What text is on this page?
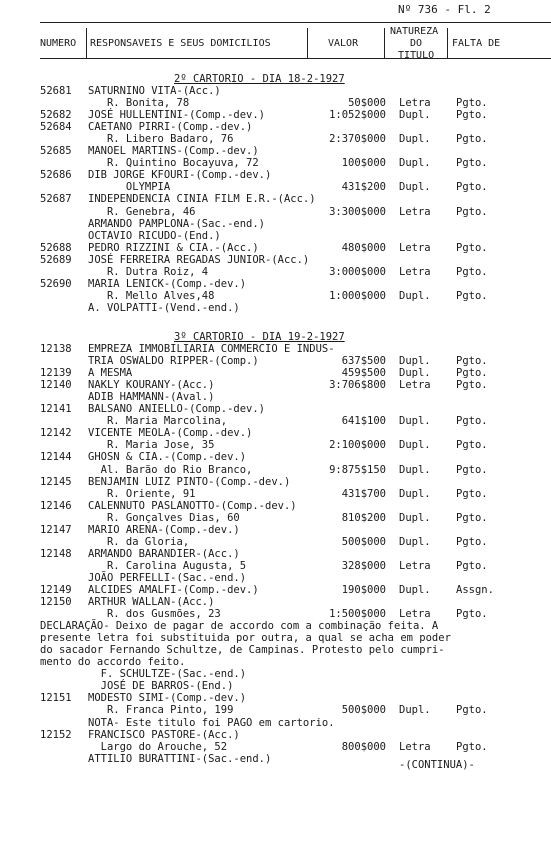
Nº 736 - Fl. 2
NUMERO RESPONSAVEIS E SEUS DOMICILIOS	VALOR
NATUREZA
DO
TITULO
FALTA DE
2º CARTORIO - DIA 18-2-1927
52681 SATURNINO VITA-(Acc.)
R. Bonita, 78	50$000 Letra Pgto.
52682 JOSÉ HULLENTINI-(Comp.-dev.)	1:052$000 Dupl. Pgto.
52684 CAETANO PIRRI-(Comp.-dev.)
R. Libero Badaro, 76	2:370$000 Dupl. Pgto.
52685 MANOEL MARTINS-(Comp.-dev.)
R. Quintino Bocayuva, 72	100$000 Dupl. Pgto.
52686 DIB JORGE KFOURI-(Comp.-dev.)
OLYMPIA	431$200 Dupl. Pgto.
52687 INDEPENDENCIA CINIA FILM E.R.-(Acc.)
R. Genebra, 46	3:300$000 Letra Pgto.
ARMANDO PAMPLONA-(Sac.-end.)
OCTAVIO RICUDO-(End.)
52688 PEDRO RIZZINI & CIA.-(Acc.)	480$000 Letra Pgto.
52689 JOSÉ FERREIRA REGADAS JUNIOR-(Acc.)
R. Dutra Roiz, 4	3:000$000 Letra Pgto.
52690 MARIA LENICK-(Comp.-dev.)
R. Mello Alves,48	1:000$000 Dupl. Pgto.
A. VOLPATTI-(Vend.-end.)
3º CARTORIO - DIA 19-2-1927
12138 EMPREZA IMMOBILIARIA COMMERCIO E INDUS-
TRIA OSWALDO RIPPER-(Comp.)	637$500 Dupl. Pgto.
12139 A MESMA	459$500 Dupl. Pgto.
12140 NAKLY KOURANY-(Acc.)	3:706$800 Letra Pgto.
ADIB HAMMANN-(Aval.)
12141 BALSANO ANIELLO-(Comp.-dev.)
R. Maria Marcolina,	641$100 Dupl. Pgto.
12142 VICENTE MEOLA-(Comp.-dev.)
R. Maria Jose, 35	2:100$000 Dupl. Pgto.
12144 GHOSN & CIA.-(Comp.-dev.)
Al. Barão do Rio Branco,	9:875$150 Dupl. Pgto.
12145 BENJAMIN LUIZ PINTO-(Comp.-dev.)
R. Oriente, 91	431$700 Dupl. Pgto.
12146 CALENNUTO PASLANOTTO-(Comp.-dev.)
R. Gonçalves Dias, 60	810$200 Dupl. Pgto.
12147 MARIO ARENA-(Comp.-dev.)
R. da Gloria,	500$000 Dupl. Pgto.
12148 ARMANDO BARANDIER-(Acc.)
R. Carolina Augusta, 5	328$000 Letra Pgto.
JOÃO PERFELLI-(Sac.-end.)
12149 ALCIDES AMALFI-(Comp.-dev.)	190$000 Dupl. Assgn.
12150 ARTHUR WALLAN-(Acc.)
R. dos Gusmões, 23	1:500$000 Letra Pgto.
DECLARAÇÃO- Deixo de pagar de accordo com a combinação feita. A
presente letra foi substituida por outra, a qual se acha em poder
do sacador Fernando Schultze, de Campinas. Protesto pelo cumpri-
mento do accordo feito.
F. SCHULTZE-(Sac.-end.)
JOSÉ DE BARROS-(End.)
12151 MODESTO SIMI-(Comp.-dev.)
R. Franca Pinto, 199	500$000 Dupl. Pgto.
NOTA- Este titulo foi PAGO em cartorio.
12152 FRANCISCO PASTORE-(Acc.)
Largo do Arouche, 52	800$000 Letra Pgto.
ATTILIO BURATTINI-(Sac.-end.)	-(CONTINUA)-
